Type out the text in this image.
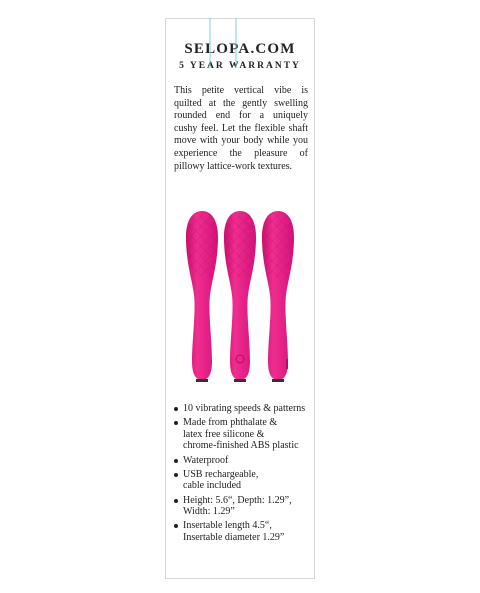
SELOPA.COM
5 YEAR WARRANTY

This petite vertical vibe is quilted at the gently swelling rounded end for a uniquely cushy feel. Let the flexible shaft move with your body while you experience the pleasure of pillowy lattice-work textures.

10 vibrating speeds & patterns
Made from phthalate &
latex free silicone &
chrome-finished ABS plastic
Waterproof
USB rechargeable,
cable included
Height: 5.6“, Depth: 1.29”,
Width: 1.29”
Insertable length 4.5“,
Insertable diameter 1.29”
